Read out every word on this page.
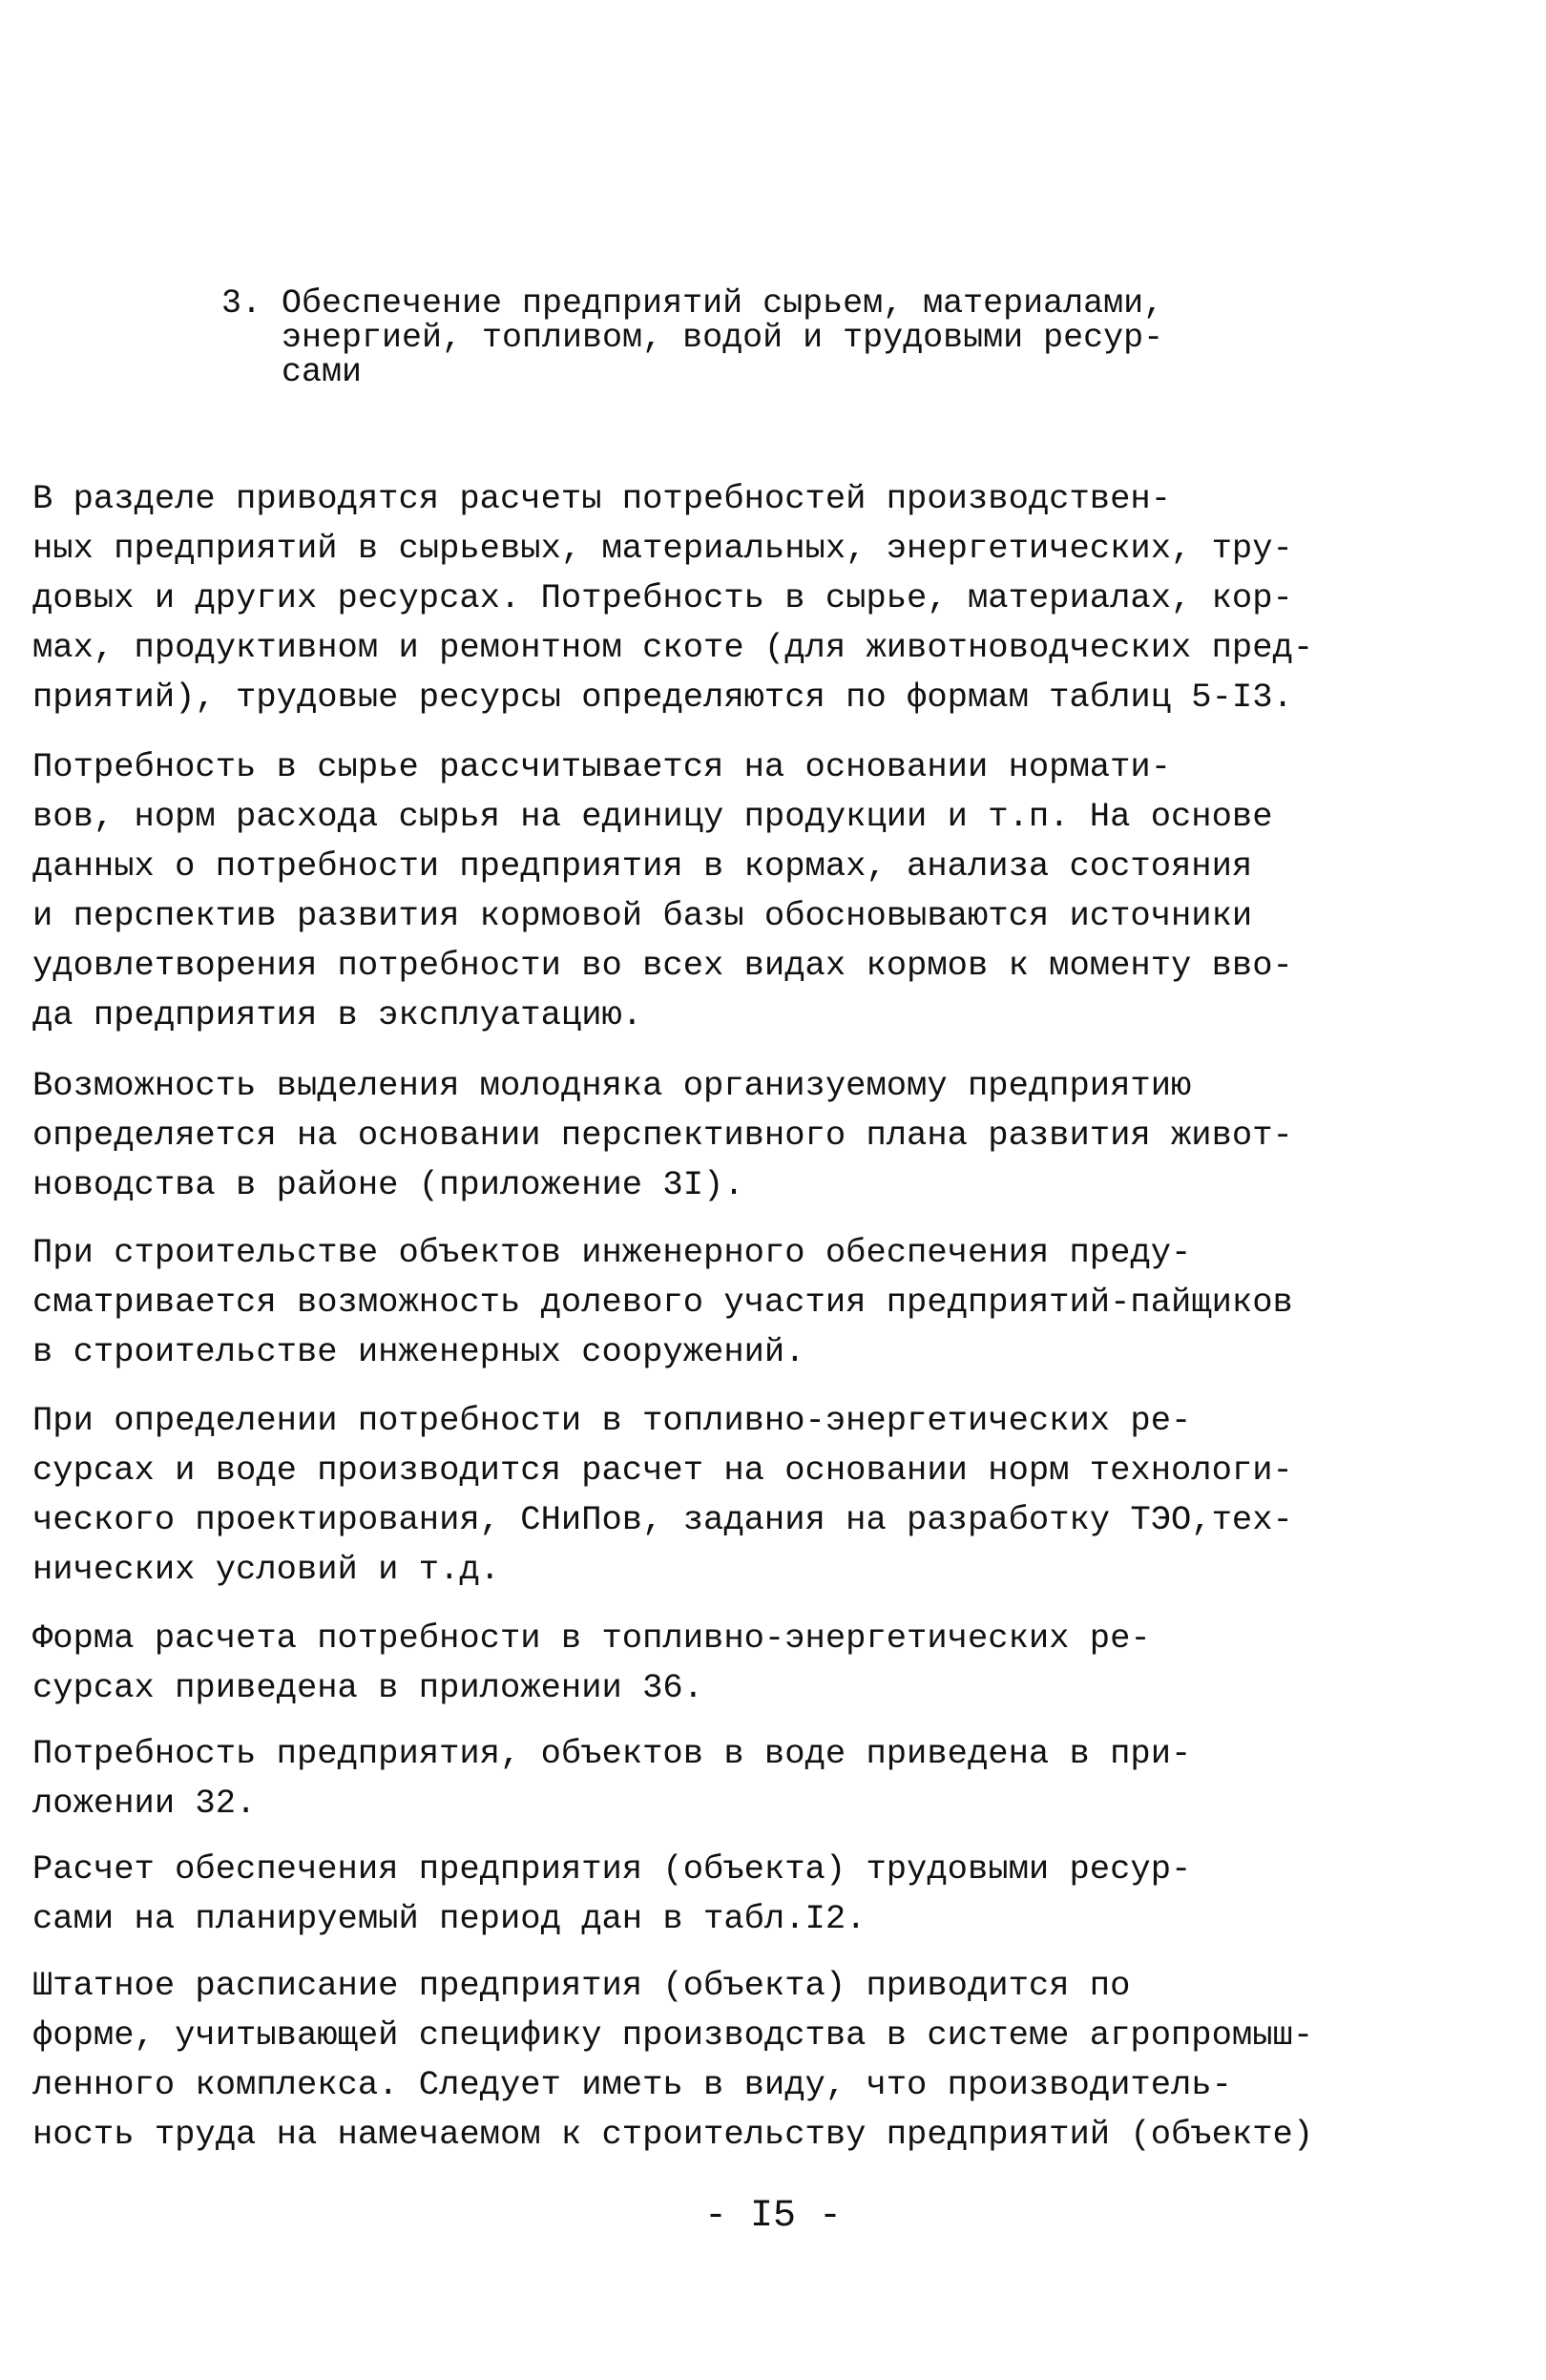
3. Обеспечение предприятий сырьем, материалами,
энергией, топливом, водой и трудовыми ресур-
сами
В разделе приводятся расчеты потребностей производствен-
ных предприятий в сырьевых, материальных, энергетических, тру-
довых и других ресурсах. Потребность в сырье, материалах, кор-
мах, продуктивном и ремонтном скоте (для животноводческих пред-
приятий), трудовые ресурсы определяются по формам таблиц 5-I3.
Потребность в сырье рассчитывается на основании нормати-
вов, норм расхода сырья на единицу продукции и т.п. На основе
данных о потребности предприятия в кормах, анализа состояния
и перспектив развития кормовой базы обосновываются источники
удовлетворения потребности во всех видах кормов к моменту вво-
да предприятия в эксплуатацию.
Возможность выделения молодняка организуемому предприятию
определяется на основании перспективного плана развития живот-
новодства в районе (приложение 3I).
При строительстве объектов инженерного обеспечения преду-
сматривается возможность долевого участия предприятий-пайщиков
в строительстве инженерных сооружений.
При определении потребности в топливно-энергетических ре-
сурсах и воде производится расчет на основании норм технологи-
ческого проектирования, СНиПов, задания на разработку ТЭО,тех-
нических условий и т.д.
Форма расчета потребности в топливно-энергетических ре-
сурсах приведена в приложении 36.
Потребность предприятия, объектов в воде приведена в при-
ложении 32.
Расчет обеспечения предприятия (объекта) трудовыми ресур-
сами на планируемый период дан в табл.I2.
Штатное расписание предприятия (объекта) приводится по
форме, учитывающей специфику производства в системе агропромыш-
ленного комплекса. Следует иметь в виду, что производитель-
ность труда на намечаемом к строительству предприятий (объекте)
- I5 -
